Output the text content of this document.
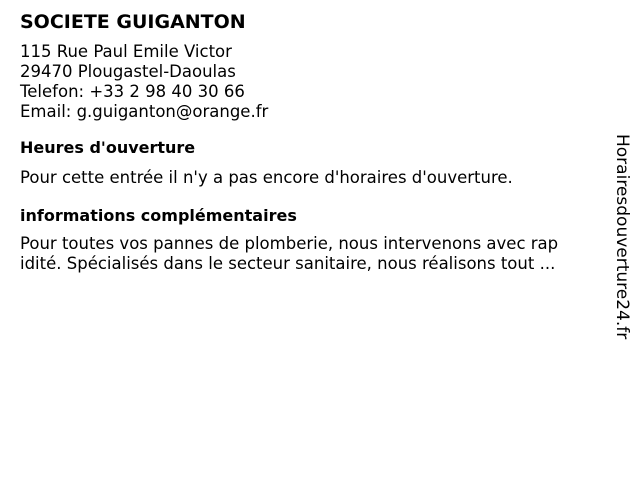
SOCIETE GUIGANTON
115 Rue Paul Emile Victor
29470 Plougastel-Daoulas
Telefon: +33 2 98 40 30 66
Email: g.guiganton@orange.fr
Heures d'ouverture
Pour cette entrée il n'y a pas encore d'horaires d'ouverture.
informations complémentaires
Pour toutes vos pannes de plomberie, nous intervenons avec rap
idité. Spécialisés dans le secteur sanitaire, nous réalisons tout ...	Horairesdouverture24.fr
